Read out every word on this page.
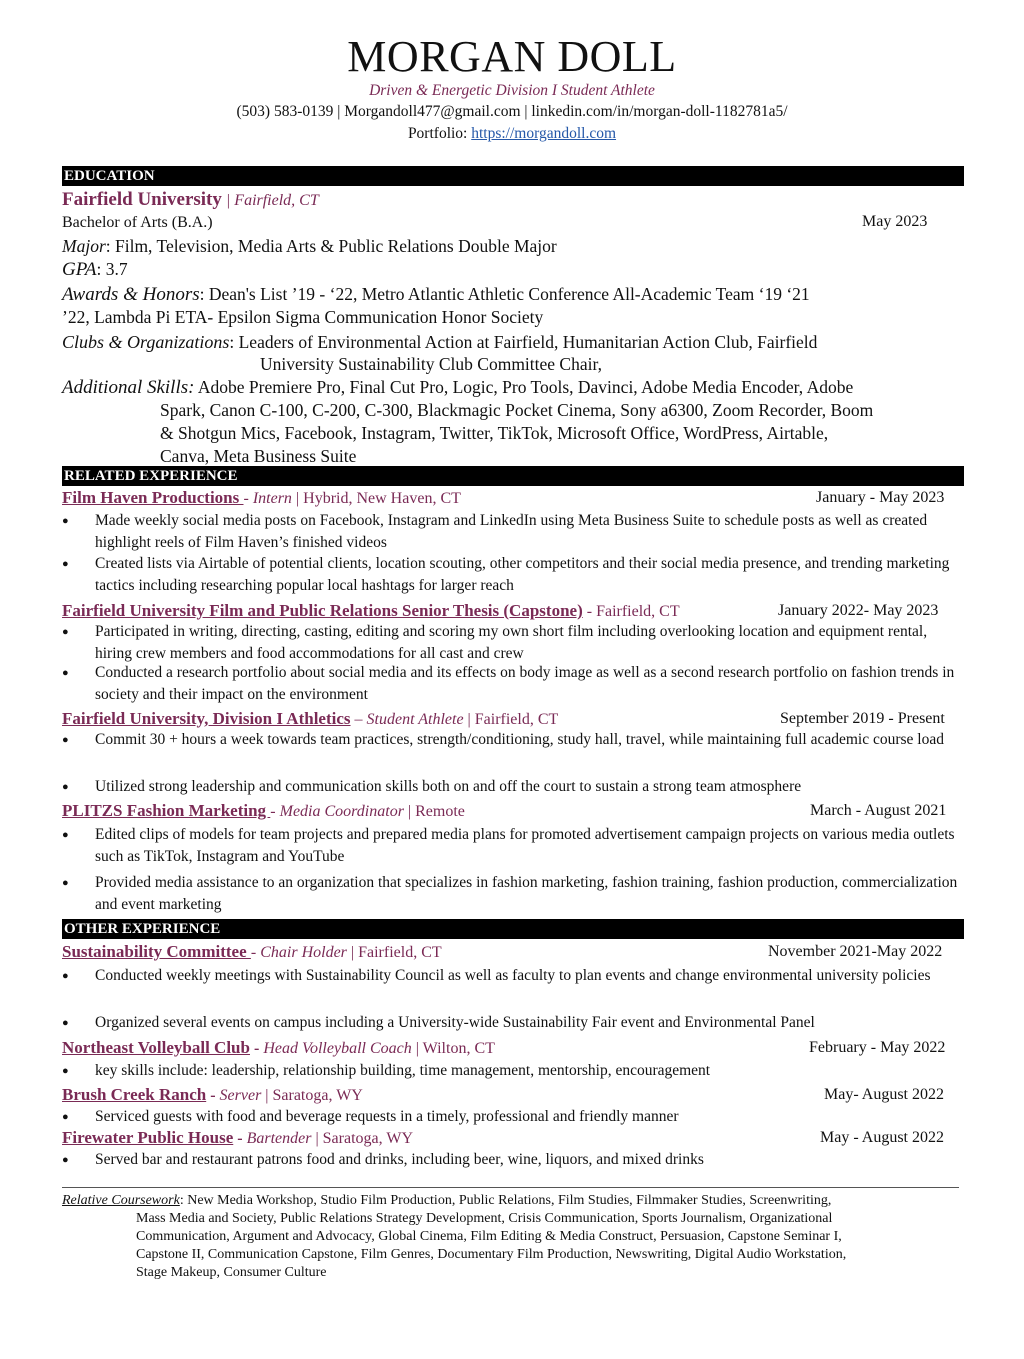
MORGAN DOLL
Driven & Energetic Division I Student Athlete
(503) 583-0139 | Morgandoll477@gmail.com | linkedin.com/in/morgan-doll-1182781a5/
Portfolio: https://morgandoll.com
EDUCATION
Fairfield University | Fairfield, CT
Bachelor of Arts (B.A.)	May 2023
Major: Film, Television, Media Arts & Public Relations Double Major
GPA: 3.7
Awards & Honors: Dean's List ’19 - ‘22, Metro Atlantic Athletic Conference All-Academic Team ‘19 ‘21
’22, Lambda Pi ETA- Epsilon Sigma Communication Honor Society
Clubs & Organizations: Leaders of Environmental Action at Fairfield, Humanitarian Action Club, Fairfield
University Sustainability Club Committee Chair,
Additional Skills: Adobe Premiere Pro, Final Cut Pro, Logic, Pro Tools, Davinci, Adobe Media Encoder, Adobe
Spark, Canon C-100, C-200, C-300, Blackmagic Pocket Cinema, Sony a6300, Zoom Recorder, Boom
& Shotgun Mics, Facebook, Instagram, Twitter, TikTok, Microsoft Office, WordPress, Airtable,
Canva, Meta Business Suite
RELATED EXPERIENCE
Film Haven Productions - Intern | Hybrid, New Haven, CT	January - May 2023
● Made weekly social media posts on Facebook, Instagram and LinkedIn using Meta Business Suite to schedule posts as well as created highlight reels of Film Haven’s finished videos
● Created lists via Airtable of potential clients, location scouting, other competitors and their social media presence, and trending marketing tactics including researching popular local hashtags for larger reach
Fairfield University Film and Public Relations Senior Thesis (Capstone) - Fairfield, CT	January 2022- May 2023
● Participated in writing, directing, casting, editing and scoring my own short film including overlooking location and equipment rental, hiring crew members and food accommodations for all cast and crew
● Conducted a research portfolio about social media and its effects on body image as well as a second research portfolio on fashion trends in society and their impact on the environment
Fairfield University, Division I Athletics – Student Athlete | Fairfield, CT	September 2019 - Present
● Commit 30 + hours a week towards team practices, strength/conditioning, study hall, travel, while maintaining full academic course load
● Utilized strong leadership and communication skills both on and off the court to sustain a strong team atmosphere
PLITZS Fashion Marketing - Media Coordinator | Remote	March - August 2021
● Edited clips of models for team projects and prepared media plans for promoted advertisement campaign projects on various media outlets such as TikTok, Instagram and YouTube
● Provided media assistance to an organization that specializes in fashion marketing, fashion training, fashion production, commercialization and event marketing
OTHER EXPERIENCE
Sustainability Committee - Chair Holder | Fairfield, CT	November 2021-May 2022
● Conducted weekly meetings with Sustainability Council as well as faculty to plan events and change environmental university policies
● Organized several events on campus including a University-wide Sustainability Fair event and Environmental Panel
Northeast Volleyball Club - Head Volleyball Coach | Wilton, CT	February - May 2022
● key skills include: leadership, relationship building, time management, mentorship, encouragement
Brush Creek Ranch - Server | Saratoga, WY	May- August 2022
● Serviced guests with food and beverage requests in a timely, professional and friendly manner
Firewater Public House - Bartender | Saratoga, WY	May - August 2022
● Served bar and restaurant patrons food and drinks, including beer, wine, liquors, and mixed drinks
Relative Coursework: New Media Workshop, Studio Film Production, Public Relations, Film Studies, Filmmaker Studies, Screenwriting,
Mass Media and Society, Public Relations Strategy Development, Crisis Communication, Sports Journalism, Organizational
Communication, Argument and Advocacy, Global Cinema, Film Editing & Media Construct, Persuasion, Capstone Seminar I,
Capstone II, Communication Capstone, Film Genres, Documentary Film Production, Newswriting, Digital Audio Workstation,
Stage Makeup, Consumer Culture
